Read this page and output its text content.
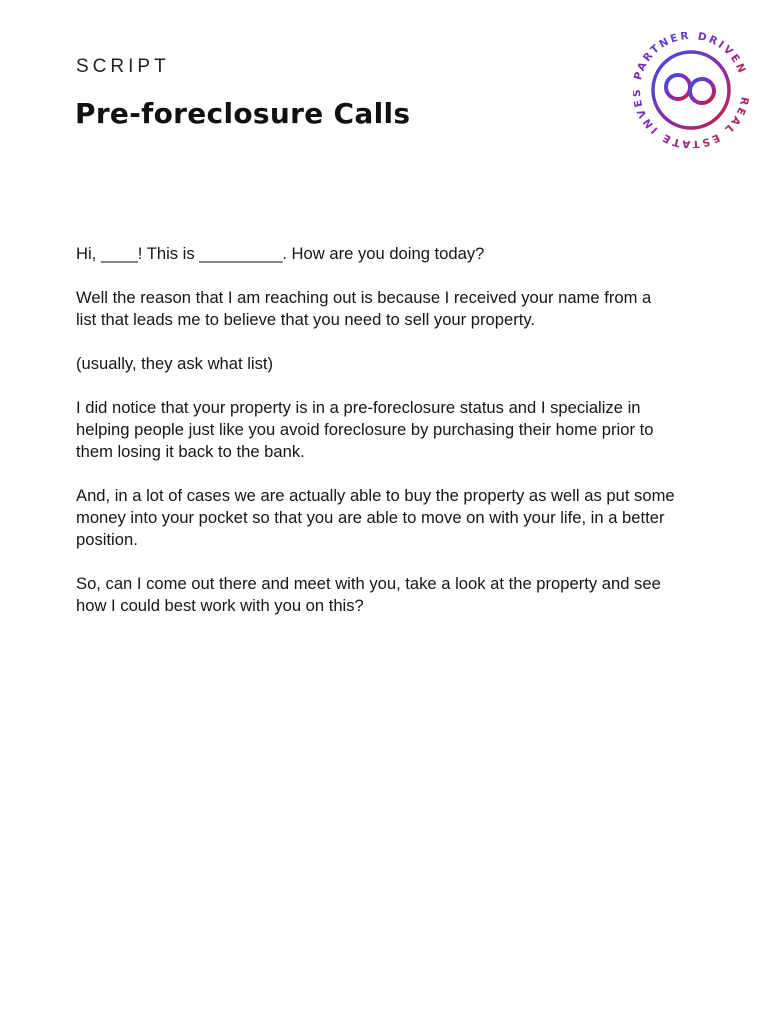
SCRIPT
Pre-foreclosure Calls
PARTNER DRIVEN
EAL ESTATE INV

Hi, ____! This is _________. How are you doing today?

Well the reason that I am reaching out is because I received your name from a list that leads me to believe that you need to sell your property.

(usually, they ask what list)

I did notice that your property is in a pre-foreclosure status and I specialize in helping people just like you avoid foreclosure by purchasing their home prior to them losing it back to the bank.

And, in a lot of cases we are actually able to buy the property as well as put some money into your pocket so that you are able to move on with your life, in a better position.

So, can I come out there and meet with you, take a look at the property and see how I could best work with you on this?
